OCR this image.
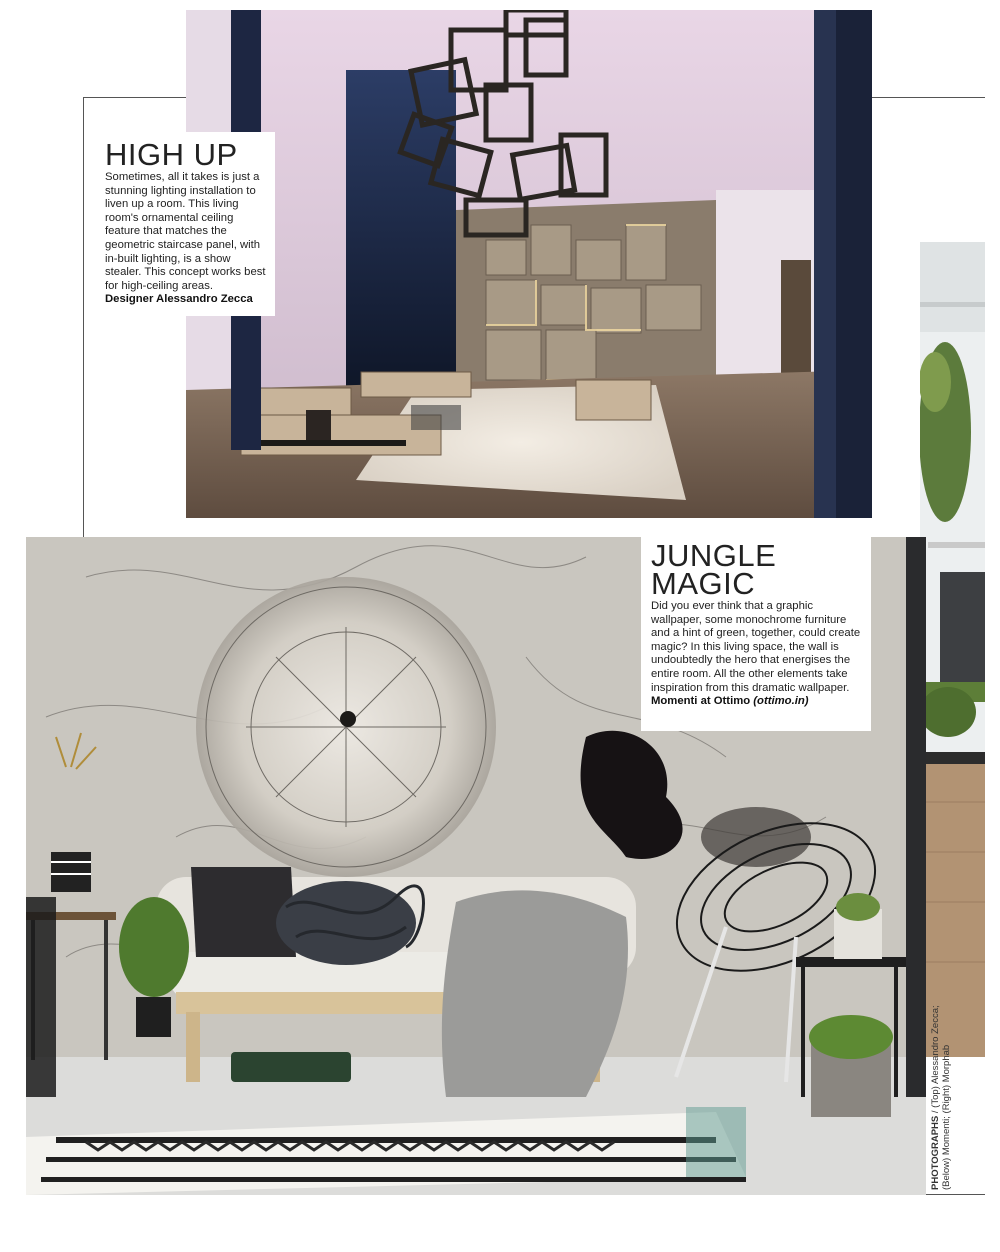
HIGH UP
Sometimes, all it takes is just a stunning lighting installation to liven up a room. This living room's ornamental ceiling feature that matches the geometric staircase panel, with in-built lighting, is a show stealer. This concept works best for high-ceiling areas.
Designer Alessandro Zecca
JUNGLE
MAGIC
Did you ever think that a graphic wallpaper, some monochrome furniture and a hint of green, together, could create magic? In this living space, the wall is undoubtedly the hero that energises the entire room. All the other elements take inspiration from this dramatic wallpaper.
Momenti at Ottimo (ottimo.in)
PHOTOGRAPHS / (Top) Alessandro Zecca; (Below) Momenti; (Right) Morphab
